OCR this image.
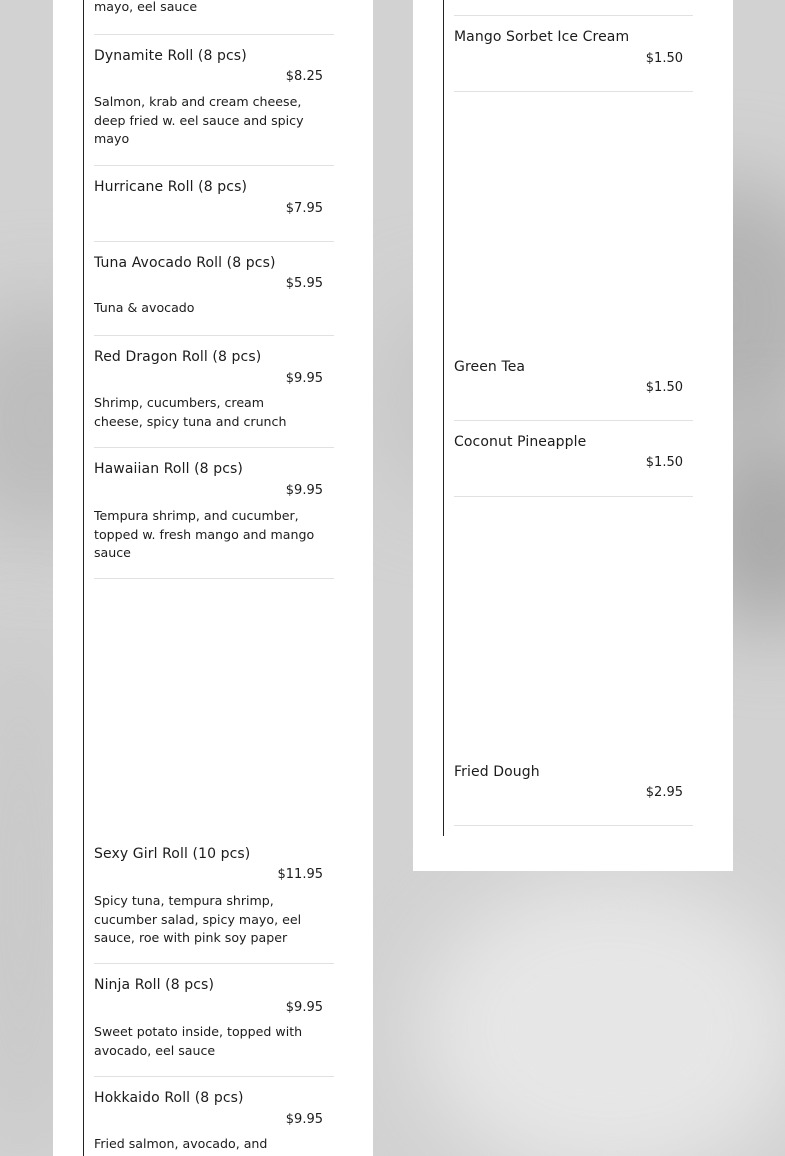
mayo, eel sauce
Dynamite Roll (8 pcs)
$8.25
Salmon, krab and cream cheese, deep fried w. eel sauce and spicy mayo
Hurricane Roll (8 pcs)
$7.95
Tuna Avocado Roll (8 pcs)
$5.95
Tuna & avocado
Red Dragon Roll (8 pcs)
$9.95
Shrimp, cucumbers, cream cheese, spicy tuna and crunch
Hawaiian Roll (8 pcs)
$9.95
Tempura shrimp, and cucumber, topped w. fresh mango and mango sauce
Sexy Girl Roll (10 pcs)
$11.95
Spicy tuna, tempura shrimp, cucumber salad, spicy mayo, eel sauce, roe with pink soy paper
Ninja Roll (8 pcs)
$9.95
Sweet potato inside, topped with avocado, eel sauce
Hokkaido Roll (8 pcs)
$9.95
Fried salmon, avocado, and
Mango Sorbet Ice Cream
$1.50
Green Tea
$1.50
Coconut Pineapple
$1.50
Fried Dough
$2.95
